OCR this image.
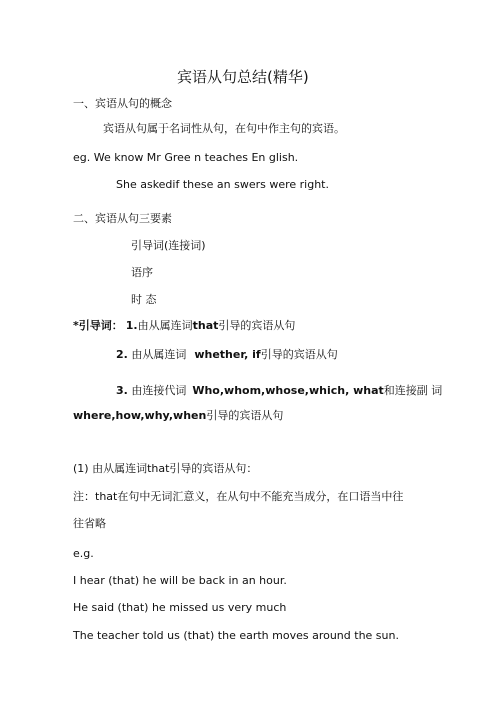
宾语从句总结(精华)
一、宾语从句的概念
宾语从句属于名词性从句，在句中作主句的宾语。
eg. We know Mr Gree n teaches En glish.
She askedif these an swers were right.
二、宾语从句三要素
引导词(连接词)
语序
时 态
*引导词： 1.由从属连词that引导的宾语从句
2. 由从属连词 whether, if引导的宾语从句
3. 由连接代词 Who,whom,whose,which, what和连接副 词
where,how,why,when引导的宾语从句
(1) 由从属连词that引导的宾语从句：
注：that在句中无词汇意义，在从句中不能充当成分，在口语当中往
往省略
e.g.
I hear (that) he will be back in an hour.
He said (that) he missed us very much
The teacher told us (that) the earth moves around the sun.
